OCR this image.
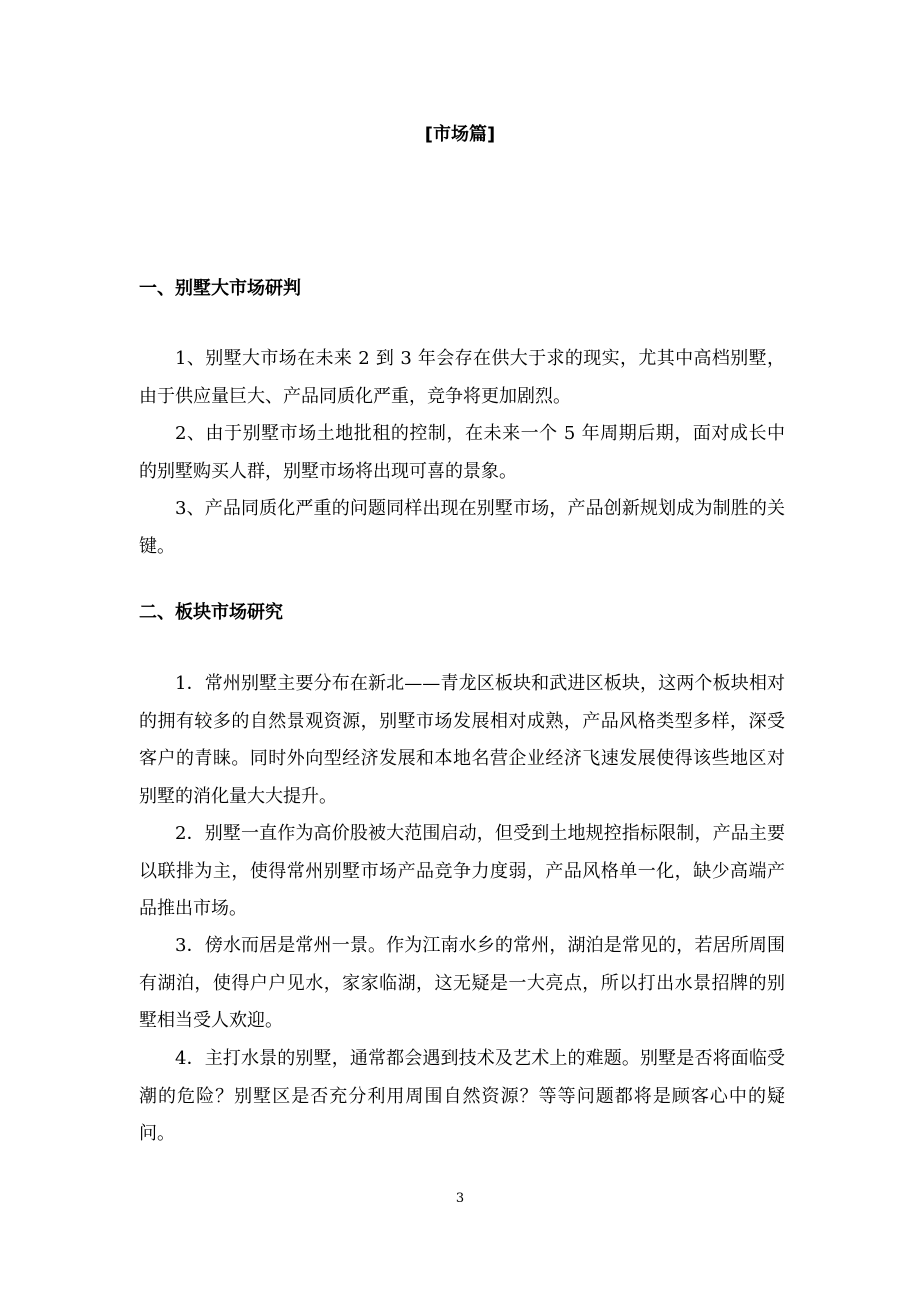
[市场篇]
一、别墅大市场研判

1、别墅大市场在未来 2 到 3 年会存在供大于求的现实，尤其中高档别墅，由于供应量巨大、产品同质化严重，竞争将更加剧烈。

2、由于别墅市场土地批租的控制，在未来一个 5 年周期后期，面对成长中的别墅购买人群，别墅市场将出现可喜的景象。

3、产品同质化严重的问题同样出现在别墅市场，产品创新规划成为制胜的关键。

二、板块市场研究

1．常州别墅主要分布在新北——青龙区板块和武进区板块，这两个板块相对的拥有较多的自然景观资源，别墅市场发展相对成熟，产品风格类型多样，深受客户的青睐。同时外向型经济发展和本地名营企业经济飞速发展使得该些地区对别墅的消化量大大提升。

2．别墅一直作为高价股被大范围启动，但受到土地规控指标限制，产品主要以联排为主，使得常州别墅市场产品竞争力度弱，产品风格单一化，缺少高端产品推出市场。

3．傍水而居是常州一景。作为江南水乡的常州，湖泊是常见的，若居所周围有湖泊，使得户户见水，家家临湖，这无疑是一大亮点，所以打出水景招牌的别墅相当受人欢迎。

4．主打水景的别墅，通常都会遇到技术及艺术上的难题。别墅是否将面临受潮的危险？别墅区是否充分利用周围自然资源？等等问题都将是顾客心中的疑问。

3
